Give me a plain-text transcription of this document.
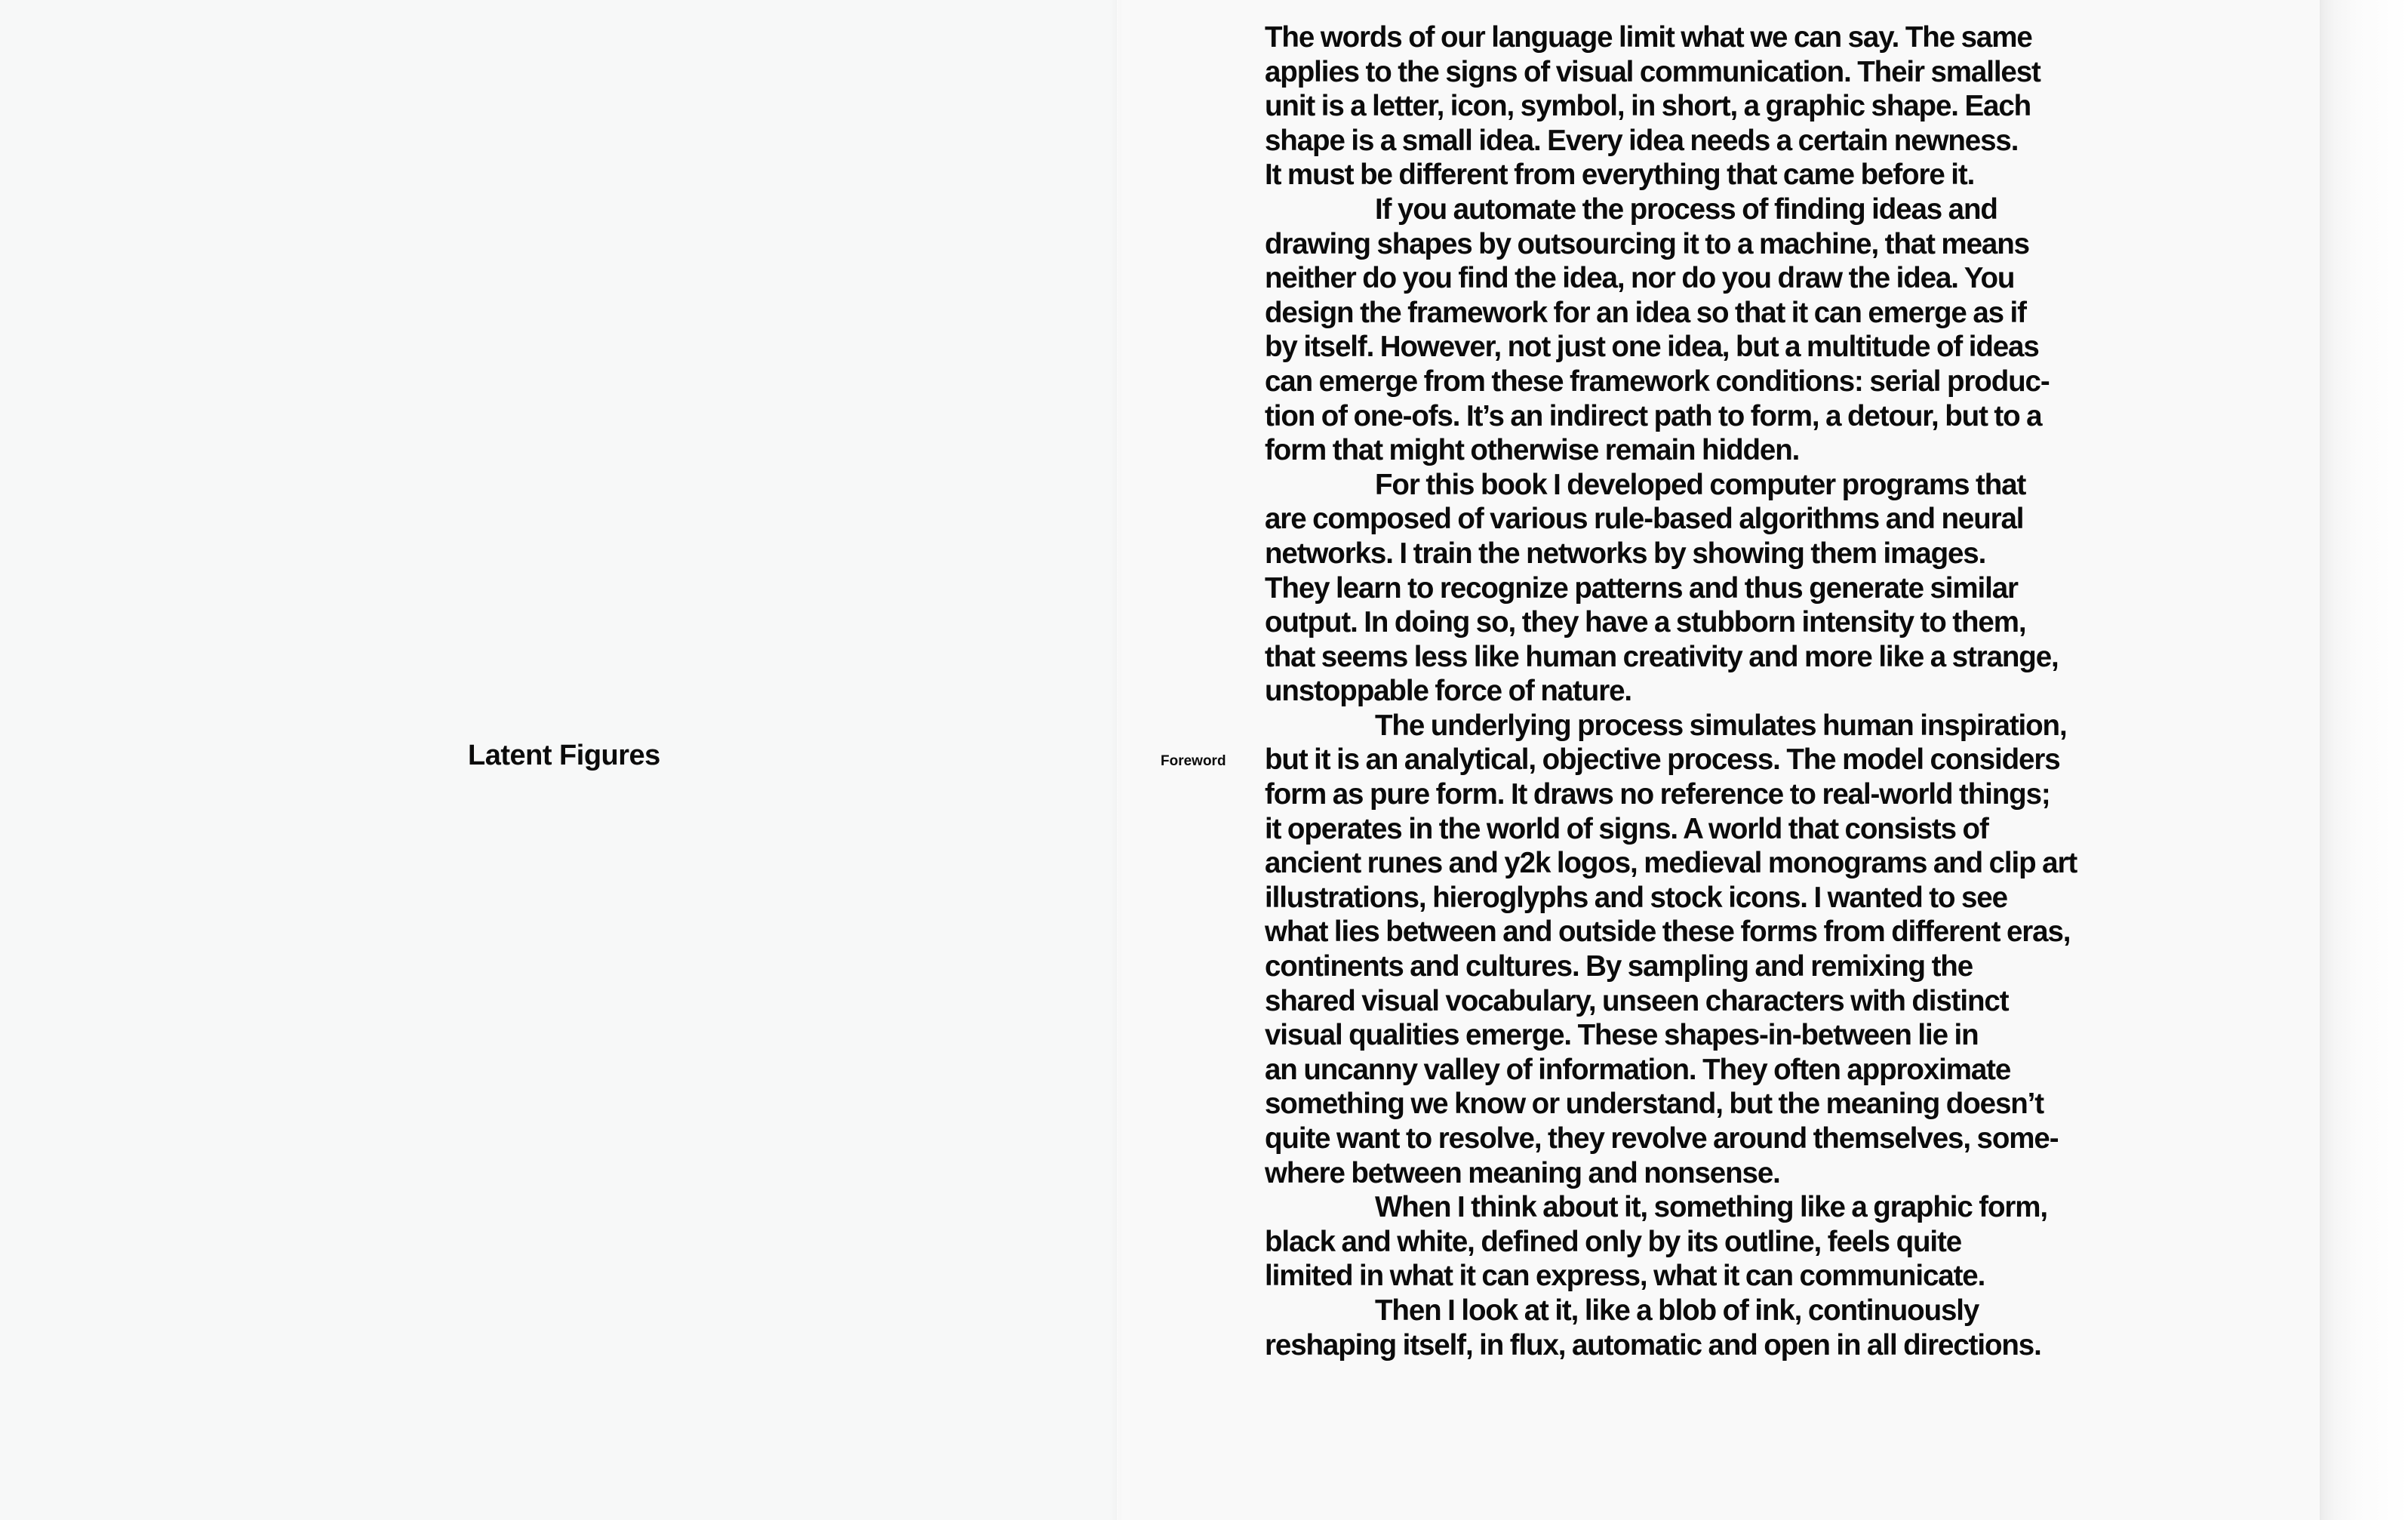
Latent Figures	Foreword

The words of our language limit what we can say. The same
applies to the signs of visual communication. Their smallest
unit is a letter, icon, symbol, in short, a graphic shape. Each
shape is a small idea. Every idea needs a certain newness.
It must be different from everything that came before it.
If you automate the process of finding ideas and
drawing shapes by outsourcing it to a machine, that means
neither do you find the idea, nor do you draw the idea. You
design the framework for an idea so that it can emerge as if
by itself. However, not just one idea, but a multitude of ideas
can emerge from these framework conditions: serial produc-
tion of one-ofs. It’s an indirect path to form, a detour, but to a
form that might otherwise remain hidden.
For this book I developed computer programs that
are composed of various rule-based algorithms and neural
networks. I train the networks by showing them images.
They learn to recognize patterns and thus generate similar
output. In doing so, they have a stubborn intensity to them,
that seems less like human creativity and more like a strange,
unstoppable force of nature.
The underlying process simulates human inspiration,
but it is an analytical, objective process. The model considers
form as pure form. It draws no reference to real-world things;
it operates in the world of signs. A world that consists of
ancient runes and y2k logos, medieval monograms and clip art
illustrations, hieroglyphs and stock icons. I wanted to see
what lies between and outside these forms from different eras,
continents and cultures. By sampling and remixing the
shared visual vocabulary, unseen characters with distinct
visual qualities emerge. These shapes-in-between lie in
an uncanny valley of information. They often approximate
something we know or understand, but the meaning doesn’t
quite want to resolve, they revolve around themselves, some-
where between meaning and nonsense.
When I think about it, something like a graphic form,
black and white, defined only by its outline, feels quite
limited in what it can express, what it can communicate.
Then I look at it, like a blob of ink, continuously
reshaping itself, in flux, automatic and open in all directions.
